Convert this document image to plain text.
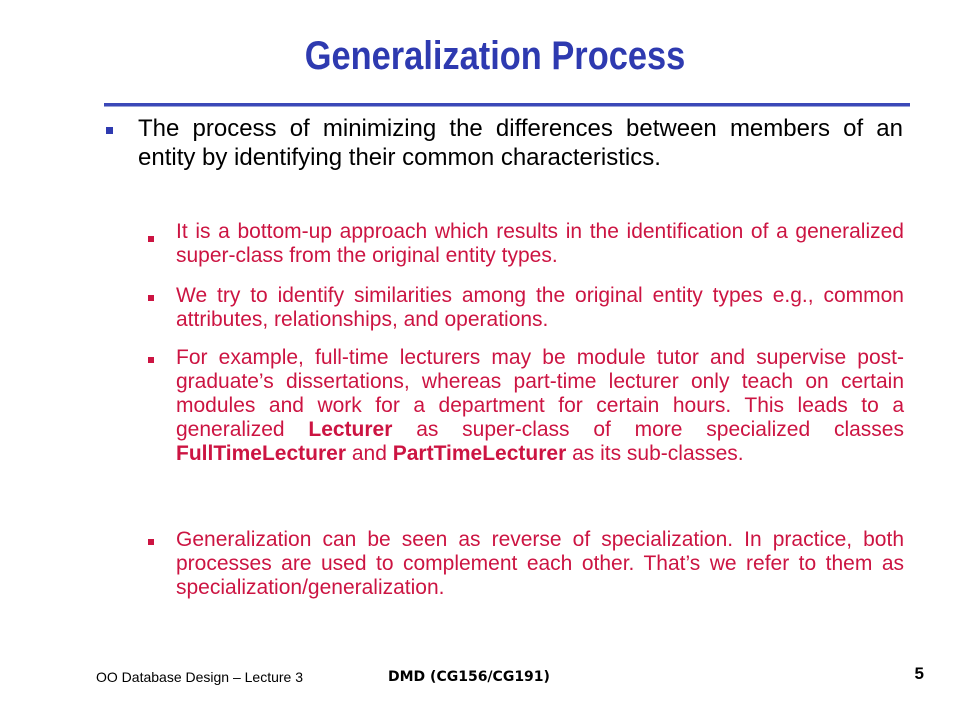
Generalization Process
The process of minimizing the differences between members of an entity by identifying their common characteristics.
It is a bottom-up approach which results in the identification of a generalized super-class from the original entity types.
We try to identify similarities among the original entity types e.g., common attributes, relationships, and operations.
For example, full-time lecturers may be module tutor and supervise post-graduate’s dissertations, whereas part-time lecturer only teach on certain modules and work for a department for certain hours. This leads to a generalized Lecturer as super-class of more specialized classes FullTimeLecturer and PartTimeLecturer as its sub-classes.
Generalization can be seen as reverse of specialization. In practice, both processes are used to complement each other. That’s we refer to them as specialization/generalization.
OO Database Design – Lecture 3	DMD (CG156/CG191)	5
